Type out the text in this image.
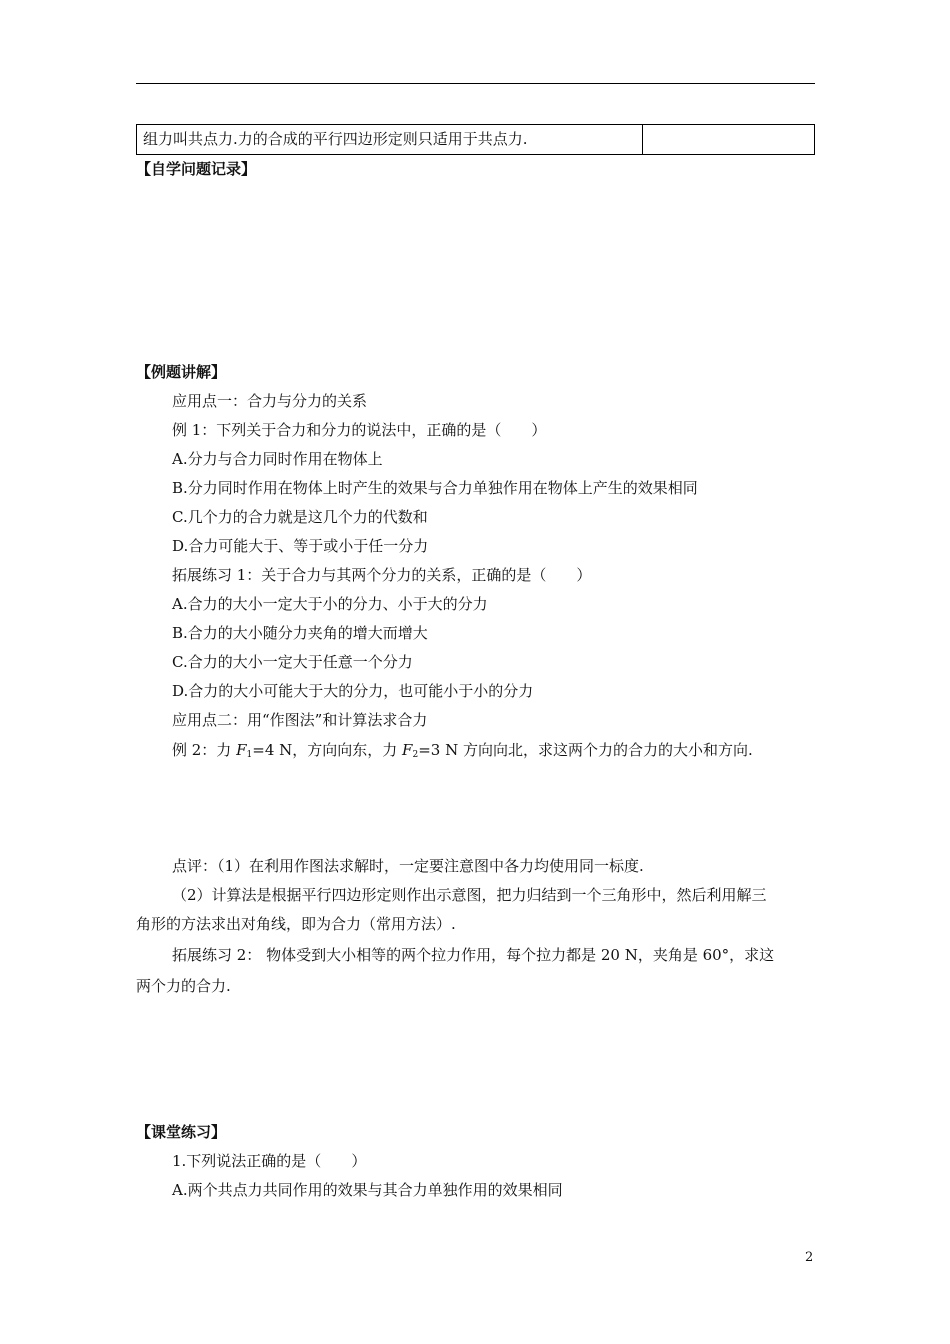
组力叫共点力.力的合成的平行四边形定则只适用于共点力.
【自学问题记录】
【例题讲解】
应用点一：合力与分力的关系
例 1：下列关于合力和分力的说法中，正确的是（　　）
A.分力与合力同时作用在物体上
B.分力同时作用在物体上时产生的效果与合力单独作用在物体上产生的效果相同
C.几个力的合力就是这几个力的代数和
D.合力可能大于、等于或小于任一分力
拓展练习 1：关于合力与其两个分力的关系，正确的是（　　）
A.合力的大小一定大于小的分力、小于大的分力
B.合力的大小随分力夹角的增大而增大
C.合力的大小一定大于任意一个分力
D.合力的大小可能大于大的分力，也可能小于小的分力
应用点二：用“作图法”和计算法求合力
例 2：力 $F_1=4$ N，方向向东，力 $F_2=3$ N 方向向北，求这两个力的合力的大小和方向.
点评：（1）在利用作图法求解时，一定要注意图中各力均使用同一标度.
（2）计算法是根据平行四边形定则作出示意图，把力归结到一个三角形中，然后利用解三
角形的方法求出对角线，即为合力（常用方法）.
拓展练习 2： 物体受到大小相等的两个拉力作用，每个拉力都是 20 N，夹角是 60°，求这
两个力的合力.
【课堂练习】
1.下列说法正确的是（　　）
A.两个共点力共同作用的效果与其合力单独作用的效果相同
2
